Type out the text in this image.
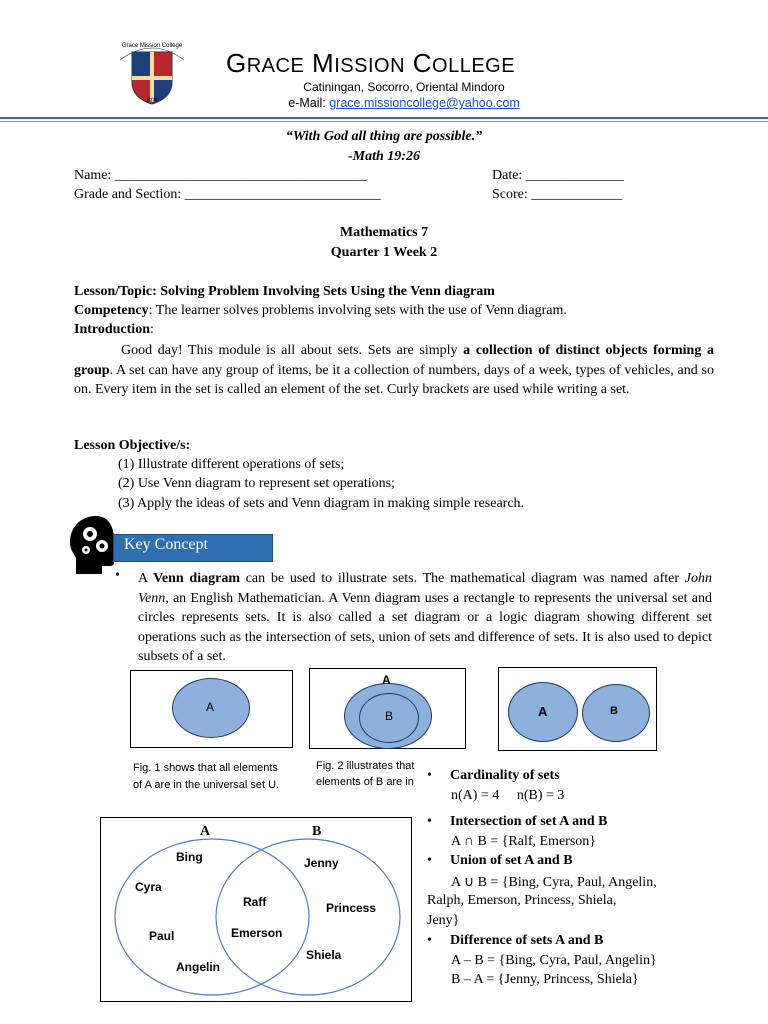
Grace Mission College
1976
GRACE MISSION COLLEGE
Catiningan, Socorro, Oriental Mindoro
e-Mail: grace.missioncollege@yahoo.com
“With God all thing are possible.”
-Math 19:26
Name: ____________________________________	Date: ______________
Grade and Section: ____________________________	Score: _____________
Mathematics 7
Quarter 1 Week 2
Lesson/Topic: Solving Problem Involving Sets Using the Venn diagram
Competency: The learner solves problems involving sets with the use of Venn diagram.
Introduction:
Good day! This module is all about sets. Sets are simply a collection of distinct objects forming a group. A set can have any group of items, be it a collection of numbers, days of a week, types of vehicles, and so on. Every item in the set is called an element of the set. Curly brackets are used while writing a set.
Lesson Objective/s:
(1) Illustrate different operations of sets;
(2) Use Venn diagram to represent set operations;
(3) Apply the ideas of sets and Venn diagram in making simple research.
Key Concept
• A Venn diagram can be used to illustrate sets. The mathematical diagram was named after John Venn, an English Mathematician. A Venn diagram uses a rectangle to represents the universal set and circles represents sets. It is also called a set diagram or a logic diagram showing different set operations such as the intersection of sets, union of sets and difference of sets. It is also used to depict subsets of a set.
A
A
B	A	B
Fig. 1 shows that all elements
of A are in the universal set U.
Fig. 2 illustrates that
elements of B are in
A	B
Bing
Cyra
Paul
Angelin
Raff
Emerson
Jenny
Princess
Shiela
• Cardinality of sets
n(A) = 4     n(B) = 3
• Intersection of set A and B
A ∩ B = {Ralf, Emerson}
• Union of set A and B
A ∪ B = {Bing, Cyra, Paul, Angelin,
Ralph, Emerson, Princess, Shiela,
Jeny}
• Difference of sets A and B
A – B = {Bing, Cyra, Paul, Angelin}
B – A = {Jenny, Princess, Shiela}
